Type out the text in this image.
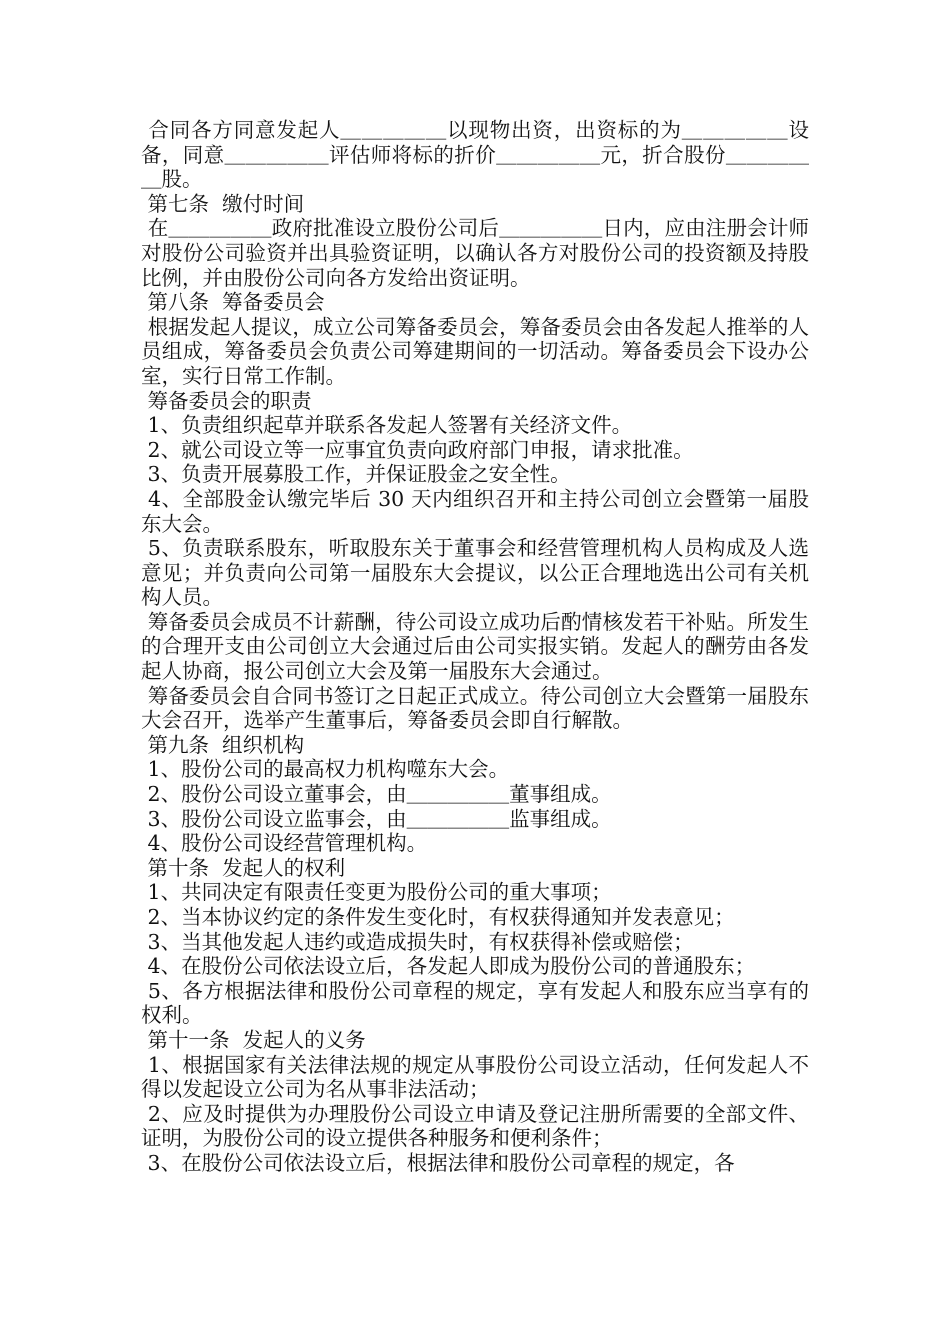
合同各方同意发起人＿＿＿＿＿以现物出资，出资标的为＿＿＿＿＿设备，同意＿＿＿＿＿评估师将标的折价＿＿＿＿＿元，折合股份＿＿＿＿＿股。

第七条  缴付时间

在＿＿＿＿＿政府批准设立股份公司后＿＿＿＿＿日内，应由注册会计师对股份公司验资并出具验资证明，以确认各方对股份公司的投资额及持股比例，并由股份公司向各方发给出资证明。

第八条  筹备委员会

根据发起人提议，成立公司筹备委员会，筹备委员会由各发起人推举的人员组成，筹备委员会负责公司筹建期间的一切活动。筹备委员会下设办公室，实行日常工作制。

筹备委员会的职责

1、负责组织起草并联系各发起人签署有关经济文件。

2、就公司设立等一应事宜负责向政府部门申报，请求批准。

3、负责开展募股工作，并保证股金之安全性。

4、全部股金认缴完毕后 30 天内组织召开和主持公司创立会暨第一届股东大会。

5、负责联系股东，听取股东关于董事会和经营管理机构人员构成及人选意见；并负责向公司第一届股东大会提议，以公正合理地选出公司有关机构人员。

筹备委员会成员不计薪酬，待公司设立成功后酌情核发若干补贴。所发生的合理开支由公司创立大会通过后由公司实报实销。发起人的酬劳由各发起人协商，报公司创立大会及第一届股东大会通过。

筹备委员会自合同书签订之日起正式成立。待公司创立大会暨第一届股东大会召开，选举产生董事后，筹备委员会即自行解散。

第九条  组织机构

1、股份公司的最高权力机构噬东大会。

2、股份公司设立董事会，由＿＿＿＿＿董事组成。

3、股份公司设立监事会，由＿＿＿＿＿监事组成。

4、股份公司设经营管理机构。

第十条  发起人的权利

1、共同决定有限责任变更为股份公司的重大事项；

2、当本协议约定的条件发生变化时，有权获得通知并发表意见；

3、当其他发起人违约或造成损失时，有权获得补偿或赔偿；

4、在股份公司依法设立后，各发起人即成为股份公司的普通股东；

5、各方根据法律和股份公司章程的规定，享有发起人和股东应当享有的权利。

第十一条  发起人的义务

1、根据国家有关法律法规的规定从事股份公司设立活动，任何发起人不得以发起设立公司为名从事非法活动；

2、应及时提供为办理股份公司设立申请及登记注册所需要的全部文件、证明，为股份公司的设立提供各种服务和便利条件；

3、在股份公司依法设立后，根据法律和股份公司章程的规定，各
